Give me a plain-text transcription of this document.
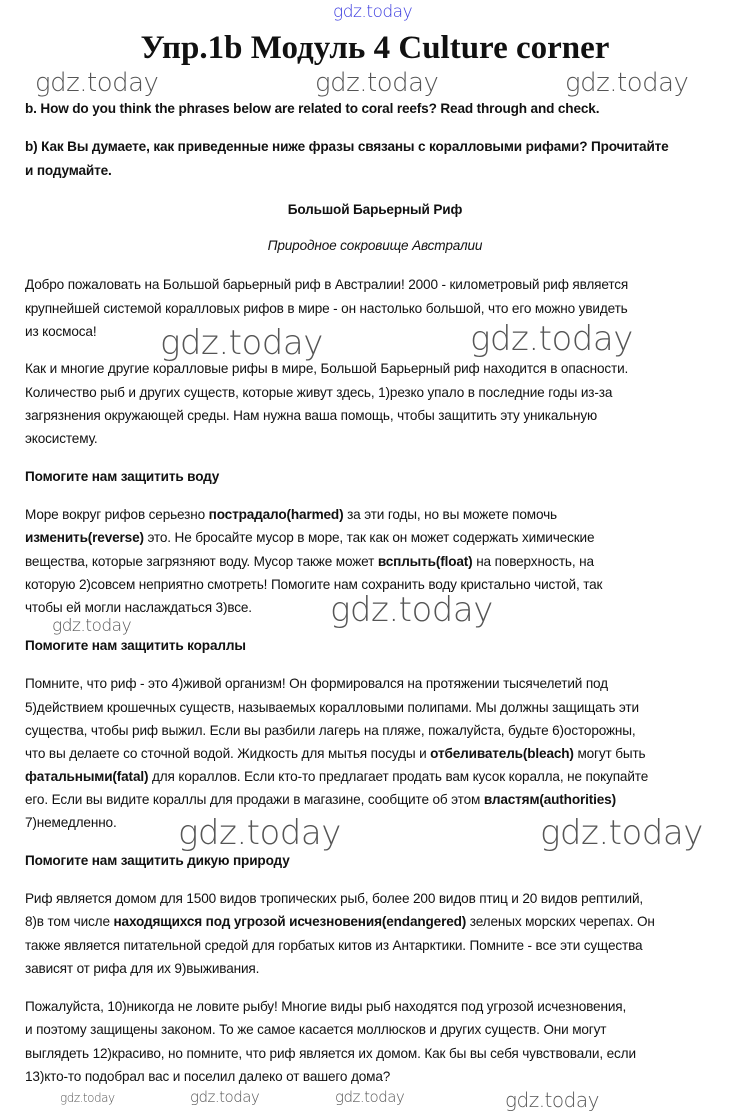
gdz.today
Упр.1b Модуль 4 Culture corner
b. How do you think the phrases below are related to coral reefs? Read through and check.
b) Как Вы думаете, как приведенные ниже фразы связаны с коралловыми рифами? Прочитайте
и подумайте.
Большой Барьерный Риф
Природное сокровище Австралии
Добро пожаловать на Большой барьерный риф в Австралии! 2000 - километровый риф является
крупнейшей системой коралловых рифов в мире - он настолько большой, что его можно увидеть
из космоса!
Как и многие другие коралловые рифы в мире, Большой Барьерный риф находится в опасности.
Количество рыб и других существ, которые живут здесь, 1)резко упало в последние годы из-за
загрязнения окружающей среды. Нам нужна ваша помощь, чтобы защитить эту уникальную
экосистему.
Помогите нам защитить воду
Море вокруг рифов серьезно пострадало(harmed) за эти годы, но вы можете помочь
изменить(reverse) это. Не бросайте мусор в море, так как он может содержать химические
вещества, которые загрязняют воду. Мусор также может всплыть(float) на поверхность, на
которую 2)совсем неприятно смотреть! Помогите нам сохранить воду кристально чистой, так
чтобы ей могли наслаждаться 3)все.
Помогите нам защитить кораллы
Помните, что риф - это 4)живой организм! Он формировался на протяжении тысячелетий под
5)действием крошечных существ, называемых коралловыми полипами. Мы должны защищать эти
существа, чтобы риф выжил. Если вы разбили лагерь на пляже, пожалуйста, будьте 6)осторожны,
что вы делаете со сточной водой. Жидкость для мытья посуды и отбеливатель(bleach) могут быть
фатальными(fatal) для кораллов. Если кто-то предлагает продать вам кусок коралла, не покупайте
его. Если вы видите кораллы для продажи в магазине, сообщите об этом властям(authorities)
7)немедленно.
Помогите нам защитить дикую природу
Риф является домом для 1500 видов тропических рыб, более 200 видов птиц и 20 видов рептилий,
8)в том числе находящихся под угрозой исчезновения(endangered) зеленых морских черепах. Он
также является питательной средой для горбатых китов из Антарктики. Помните - все эти существа
зависят от рифа для их 9)выживания.
Пожалуйста, 10)никогда не ловите рыбу! Многие виды рыб находятся под угрозой исчезновения,
и поэтому защищены законом. То же самое касается моллюсков и других существ. Они могут
выглядеть 12)красиво, но помните, что риф является их домом. Как бы вы себя чувствовали, если
13)кто-то подобрал вас и поселил далеко от вашего дома?
gdz.today	gdz.today	gdz.today
gdz.today	gdz.today
gdz.today
gdz.today
gdz.today	gdz.today
gdz.today	gdz.today	gdz.today	gdz.today
